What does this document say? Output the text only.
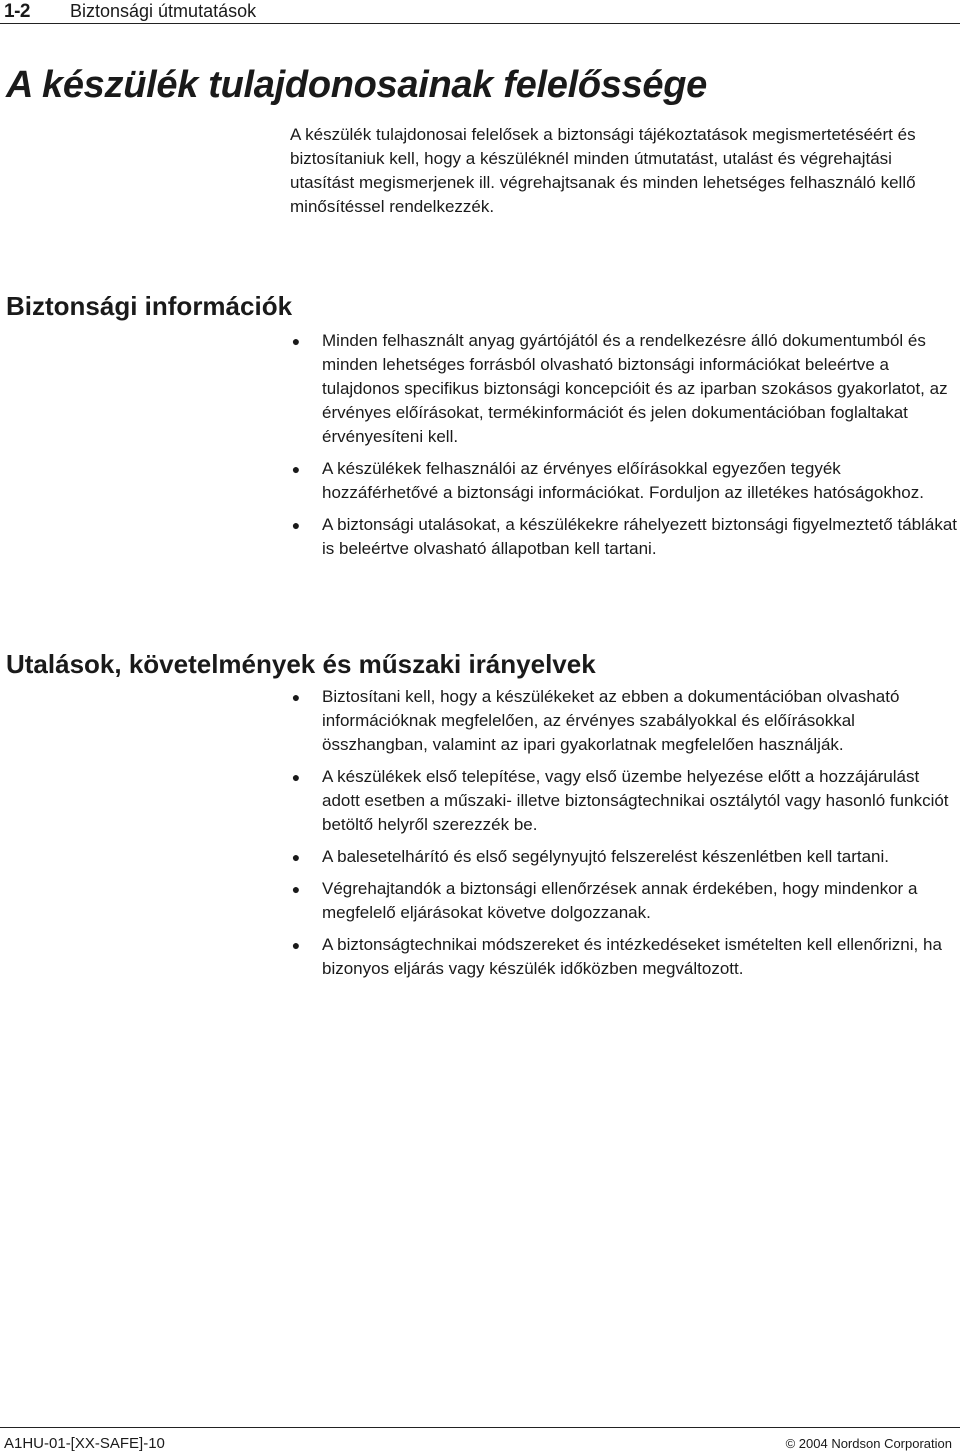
1-2 Biztonsági útmutatások
A készülék tulajdonosainak felelőssége

A készülék tulajdonosai felelősek a biztonsági tájékoztatások megismertetéséért és biztosítaniuk kell, hogy a készüléknél minden útmutatást, utalást és végrehajtási utasítást megismerjenek ill. végrehajtsanak és minden lehetséges felhasználó kellő minősítéssel rendelkezzék.

Biztonsági információk
● Minden felhasznált anyag gyártójától és a rendelkezésre álló dokumentumból és minden lehetséges forrásból olvasható biztonsági információkat beleértve a tulajdonos specifikus biztonsági koncepcióit és az iparban szokásos gyakorlatot, az érvényes előírásokat, termékinformációt és jelen dokumentációban foglaltakat érvényesíteni kell.
● A készülékek felhasználói az érvényes előírásokkal egyezően tegyék hozzáférhetővé a biztonsági információkat. Forduljon az illetékes hatóságokhoz.
● A biztonsági utalásokat, a készülékekre ráhelyezett biztonsági figyelmeztető táblákat is beleértve olvasható állapotban kell tartani.
Utalások, követelmények és műszaki irányelvek
● Biztosítani kell, hogy a készülékeket az ebben a dokumentációban olvasható információknak megfelelően, az érvényes szabályokkal és előírásokkal összhangban, valamint az ipari gyakorlatnak megfelelően használják.
● A készülékek első telepítése, vagy első üzembe helyezése előtt a hozzájárulást adott esetben a műszaki- illetve biztonságtechnikai osztálytól vagy hasonló funkciót betöltő helyről szerezzék be.
● A balesetelhárító és első segélynyujtó felszerelést készenlétben kell tartani.
● Végrehajtandók a biztonsági ellenőrzések annak érdekében, hogy mindenkor a megfelelő eljárásokat követve dolgozzanak.
● A biztonságtechnikai módszereket és intézkedéseket ismételten kell ellenőrizni, ha bizonyos eljárás vagy készülék időközben megváltozott.
A1HU-01-[XX-SAFE]-10	© 2004 Nordson Corporation
